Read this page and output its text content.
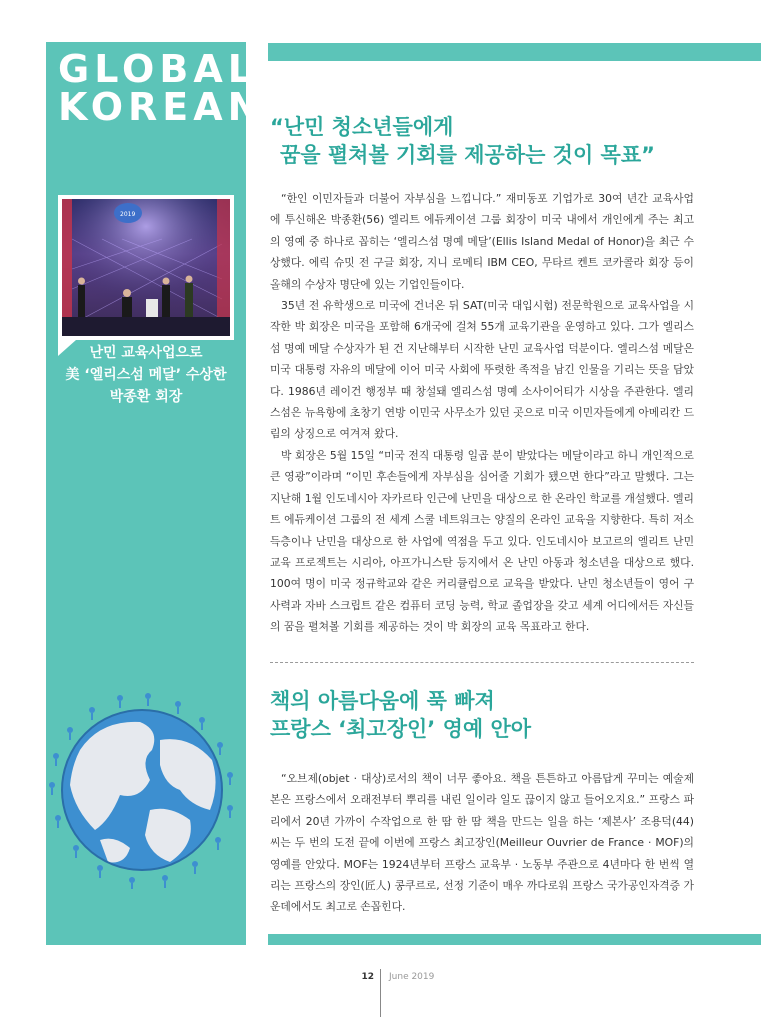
GLOBAL
KOREAN
2019
난민 교육사업으로
美 ‘엘리스섬 메달’ 수상한
박종환 회장
“난민 청소년들에게
꿈을 펼쳐볼 기회를 제공하는 것이 목표”

“한인 이민자들과 더불어 자부심을 느낍니다.” 재미동포 기업가로 30여 년간 교육사업에 투신해온 박종환(56) 엘리트 에듀케이션 그룹 회장이 미국 내에서 개인에게 주는 최고의 영예 중 하나로 꼽히는 ‘엘리스섬 명예 메달’(Ellis Island Medal of Honor)을 최근 수상했다. 에릭 슈밋 전 구글 회장, 지니 로메티 IBM CEO, 무타르 켄트 코카콜라 회장 등이 올해의 수상자 명단에 있는 기업인들이다.

35년 전 유학생으로 미국에 건너온 뒤 SAT(미국 대입시험) 전문학원으로 교육사업을 시작한 박 회장은 미국을 포함해 6개국에 걸쳐 55개 교육기관을 운영하고 있다. 그가 엘리스섬 명예 메달 수상자가 된 건 지난해부터 시작한 난민 교육사업 덕분이다. 엘리스섬 메달은 미국 대통령 자유의 메달에 이어 미국 사회에 뚜렷한 족적을 남긴 인물을 기리는 뜻을 담았다. 1986년 레이건 행정부 때 창설돼 엘리스섬 명예 소사이어티가 시상을 주관한다. 엘리스섬은 뉴욕항에 초창기 연방 이민국 사무소가 있던 곳으로 미국 이민자들에게 아메리칸 드림의 상징으로 여겨져 왔다.

박 회장은 5월 15일 “미국 전직 대통령 일곱 분이 받았다는 메달이라고 하니 개인적으로 큰 영광”이라며 “이민 후손들에게 자부심을 심어줄 기회가 됐으면 한다”라고 말했다. 그는 지난해 1월 인도네시아 자카르타 인근에 난민을 대상으로 한 온라인 학교를 개설했다. 엘리트 에듀케이션 그룹의 전 세계 스쿨 네트워크는 양질의 온라인 교육을 지향한다. 특히 저소득층이나 난민을 대상으로 한 사업에 역점을 두고 있다. 인도네시아 보고르의 엘리트 난민교육 프로젝트는 시리아, 아프가니스탄 등지에서 온 난민 아동과 청소년을 대상으로 했다. 100여 명이 미국 정규학교와 같은 커리큘럼으로 교육을 받았다. 난민 청소년들이 영어 구사력과 자바 스크립트 같은 컴퓨터 코딩 능력, 학교 졸업장을 갖고 세계 어디에서든 자신들의 꿈을 펼쳐볼 기회를 제공하는 것이 박 회장의 교육 목표라고 한다.

책의 아름다움에 푹 빠져
프랑스 ‘최고장인’ 영예 안아

“오브제(objet · 대상)로서의 책이 너무 좋아요. 책을 튼튼하고 아름답게 꾸미는 예술제본은 프랑스에서 오래전부터 뿌리를 내린 일이라 일도 끊이지 않고 들어오지요.” 프랑스 파리에서 20년 가까이 수작업으로 한 땀 한 땀 책을 만드는 일을 하는 ‘제본사’ 조용덕(44) 씨는 두 번의 도전 끝에 이번에 프랑스 최고장인(Meilleur Ouvrier de France · MOF)의 영예를 안았다. MOF는 1924년부터 프랑스 교육부 · 노동부 주관으로 4년마다 한 번씩 열리는 프랑스의 장인(匠人) 콩쿠르로, 선정 기준이 매우 까다로워 프랑스 국가공인자격증 가운데에서도 최고로 손꼽힌다.

12 June 2019
